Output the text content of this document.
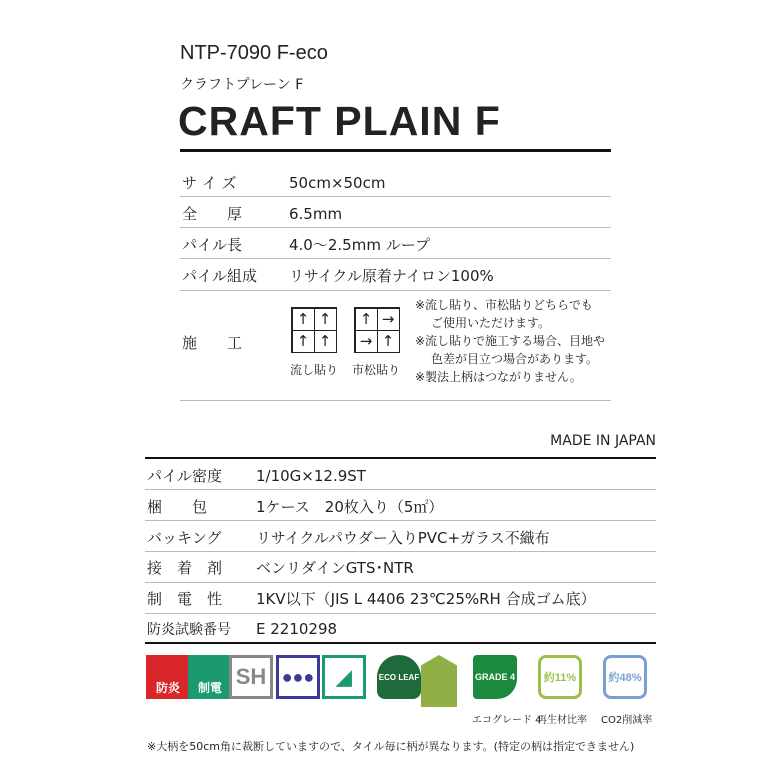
NTP-7090 F-eco
クラフトプレーン F
CRAFT PLAIN F
サ イ ズ	50cm×50cm
全　　厚	6.5mm
パイル長	4.0〜2.5mm ループ
パイル組成	リサイクル原着ナイロン100%
施　　工
↑ ↑
↑ ↑
↑ →
→ ↑
流し貼り 市松貼り
※流し貼り、市松貼りどちらでも
ご使用いただけます。
※流し貼りで施工する場合、目地や
色差が目立つ場合があります。
※製法上柄はつながりません。
MADE IN JAPAN
パイル密度	1/10G×12.9ST
梱　　包	1ケース　20枚入り（5㎡）
バッキング	リサイクルパウダー入りPVC+ガラス不織布
接　着　剤	ベンリダインGTS･NTR
制　電　性	1KV以下（JIS L 4406 23℃25%RH 合成ゴム底）
防炎試験番号	E 2210298
防炎	制電 SH ●●●	◢	ECO LEAF	GRADE 4
エコグレード 4
約11%
再生材比率
約48%
CO2削減率
※大柄を50cm角に裁断していますので、タイル毎に柄が異なります。(特定の柄は指定できません)
